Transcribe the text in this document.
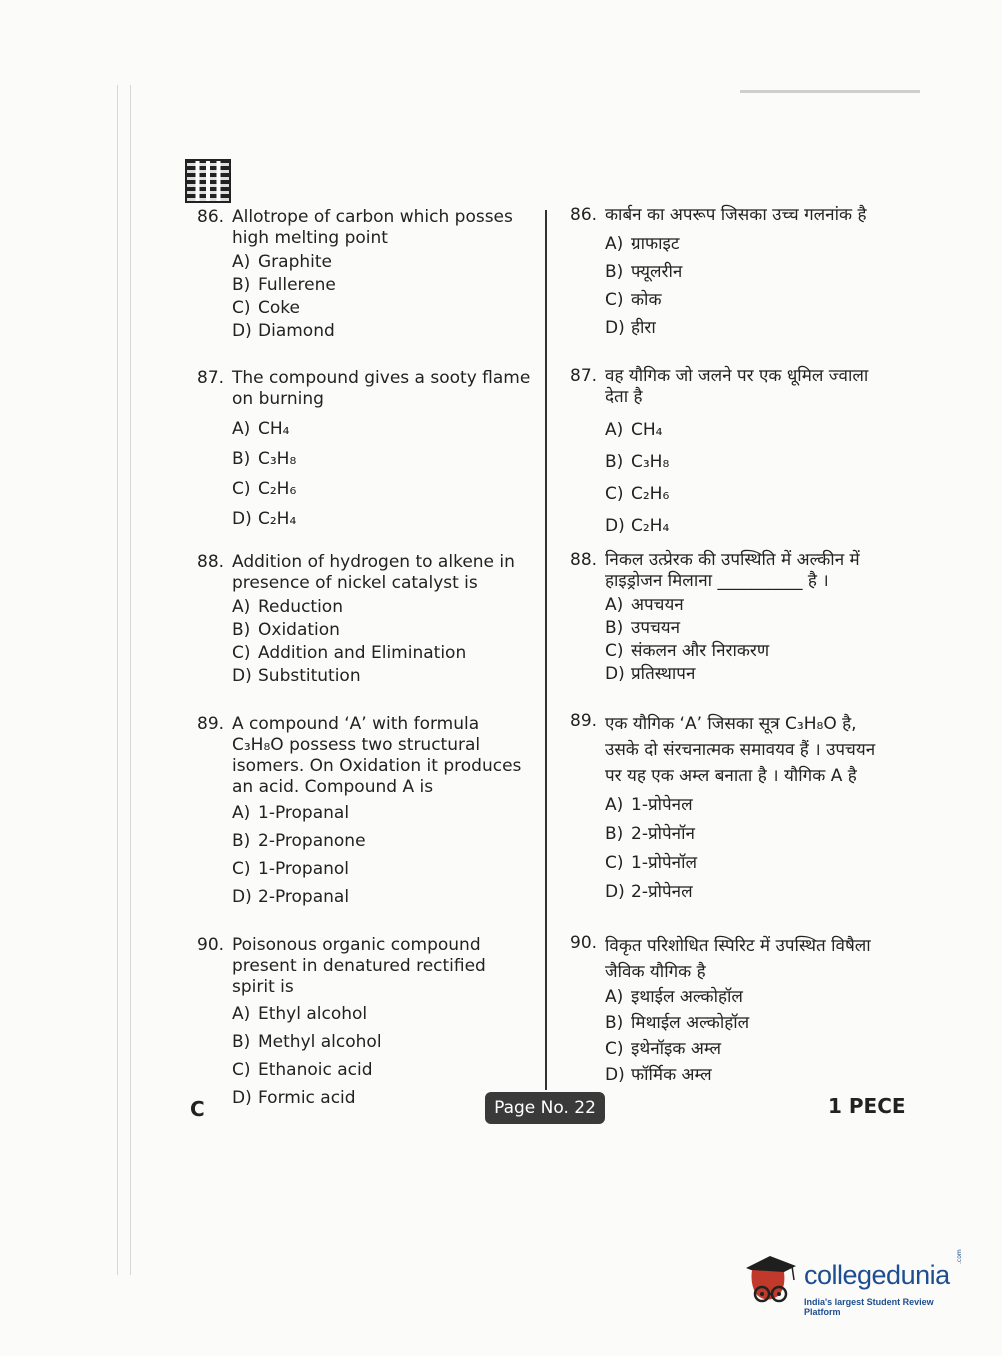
86. Allotrope of carbon which posses high melting point
A) Graphite
B) Fullerene
C) Coke
D) Diamond
87. The compound gives a sooty flame on burning
A) CH₄
B) C₃H₈
C) C₂H₆
D) C₂H₄
88. Addition of hydrogen to alkene in presence of nickel catalyst is
A) Reduction
B) Oxidation
C) Addition and Elimination
D) Substitution
89. A compound ‘A’ with formula C₃H₈O possess two structural isomers. On Oxidation it produces an acid. Compound A is
A) 1-Propanal
B) 2-Propanone
C) 1-Propanol
D) 2-Propanal
90. Poisonous organic compound present in denatured rectified spirit is
A) Ethyl alcohol
B) Methyl alcohol
C) Ethanoic acid
D) Formic acid
86. कार्बन का अपरूप जिसका उच्च गलनांक है
A) ग्राफाइट
B) फ्यूलरीन
C) कोक
D) हीरा
87. वह यौगिक जो जलने पर एक धूमिल ज्वाला देता है
A) CH₄
B) C₃H₈
C) C₂H₆
D) C₂H₄
88. निकल उत्प्रेरक की उपस्थिति में अल्कीन में हाइड्रोजन मिलाना __________ है ।
A) अपचयन
B) उपचयन
C) संकलन और निराकरण
D) प्रतिस्थापन
89. एक यौगिक ‘A’ जिसका सूत्र C₃H₈O है, उसके दो संरचनात्मक समावयव हैं । उपचयन पर यह एक अम्ल बनाता है । यौगिक A है
A) 1-प्रोपेनल
B) 2-प्रोपेनॉन
C) 1-प्रोपेनॉल
D) 2-प्रोपेनल
90. विकृत परिशोधित स्पिरिट में उपस्थित विषैला जैविक यौगिक है
A) इथाईल अल्कोहॉल
B) मिथाईल अल्कोहॉल
C) इथेनॉइक अम्ल
D) फॉर्मिक अम्ल
C	Page No. 22	1 PECE
collegedunia
.com
India's largest Student Review Platform
